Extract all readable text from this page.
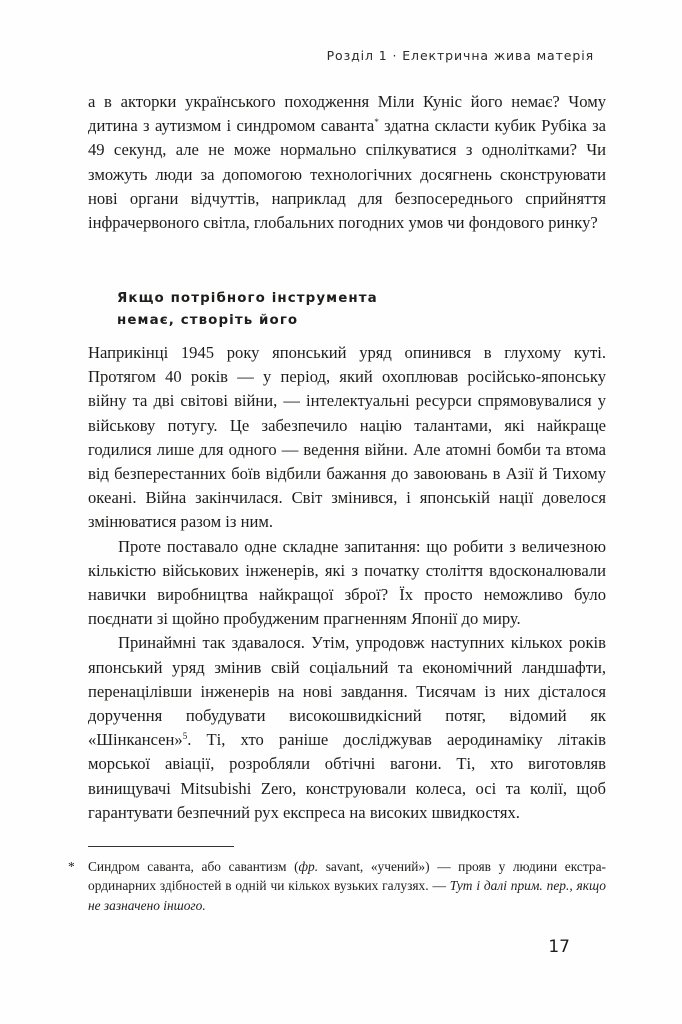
Розділ 1 · Електрична жива матерія

а в акторки українського походження Міли Куніс його немає? Чому дитина з аутизмом і синдромом саванта* здатна скласти кубик Рубіка за 49 секунд, але не може нормально спілкуватися з однолітками? Чи зможуть люди за допомогою технологічних досягнень сконструювати нові органи відчуттів, наприклад для безпосереднього сприйняття інфрачервоного світла, глобальних погодних умов чи фондового ринку?

Якщо потрібного інструмента
немає, створіть його

Наприкінці 1945 року японський уряд опинився в глухому куті. Протягом 40 років — у період, який охоплював російсько-японську війну та дві світові війни, — інтелектуальні ресурси спрямовувалися у військову потугу. Це забезпечило націю талантами, які найкраще годилися лише для одного — ведення війни. Але атомні бомби та втома від безперестанних боїв відбили бажання до завоювань в Азії й Тихому океані. Війна закінчилася. Світ змінився, і японській нації довелося змінюватися разом із ним.

Проте поставало одне складне запитання: що робити з величезною кількістю військових інженерів, які з початку століття вдосконалювали навички виробництва найкращої зброї? Їх просто неможливо було поєднати зі щойно пробудженим прагненням Японії до миру.

Принаймні так здавалося. Утім, упродовж наступних кількох років японський уряд змінив свій соціальний та економічний ландшафти, перенацілівши інженерів на нові завдання. Тисячам із них дісталося доручення побудувати високошвидкісний потяг, відомий як «Шінкансен»$^5$. Ті, хто раніше досліджував аеродинаміку літаків морської авіації, розробляли обтічні вагони. Ті, хто виготовляв винищувачі Mitsubishi Zero, конструювали колеса, осі та колії, щоб гарантувати безпечний рух експреса на високих швидкостях.

* Синдром саванта, або савантизм (фр. savant, «учений») — прояв у людини екстраординарних здібностей в одній чи кількох вузьких галузях. — Тут і далі прим. пер., якщо не зазначено іншого.

17
